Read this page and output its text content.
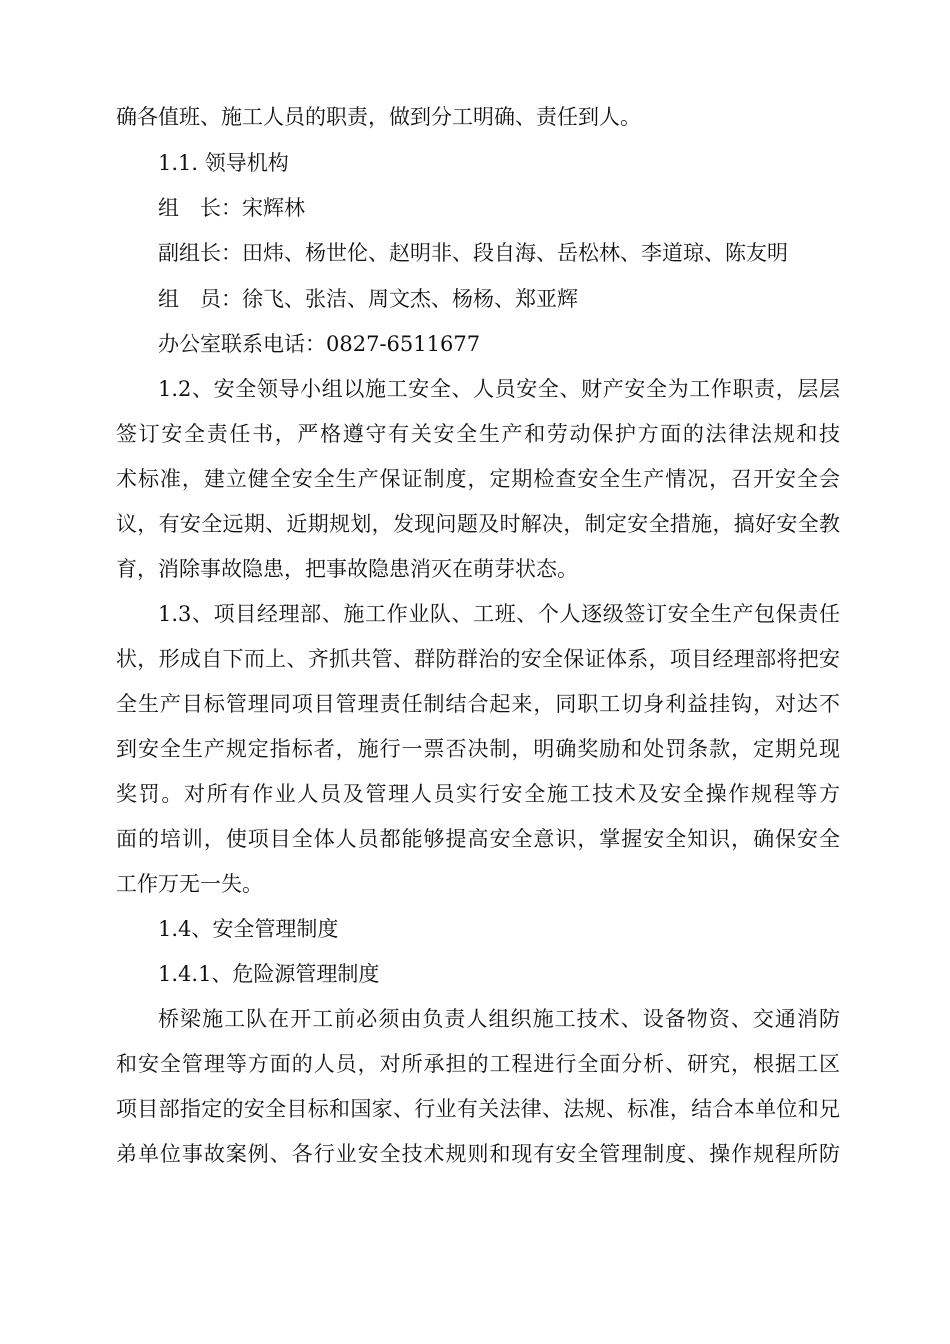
确各值班、施工人员的职责，做到分工明确、责任到人。
1.1. 领导机构
组　长：宋辉林
副组长：田炜、杨世伦、赵明非、段自海、岳松林、李道琼、陈友明
组　员：徐飞、张洁、周文杰、杨杨、郑亚辉
办公室联系电话：0827-6511677
1.2、安全领导小组以施工安全、人员安全、财产安全为工作职责，层层
签订安全责任书，严格遵守有关安全生产和劳动保护方面的法律法规和技
术标准，建立健全安全生产保证制度，定期检查安全生产情况，召开安全会
议，有安全远期、近期规划，发现问题及时解决，制定安全措施，搞好安全教
育，消除事故隐患，把事故隐患消灭在萌芽状态。
1.3、项目经理部、施工作业队、工班、个人逐级签订安全生产包保责任
状，形成自下而上、齐抓共管、群防群治的安全保证体系，项目经理部将把安
全生产目标管理同项目管理责任制结合起来，同职工切身利益挂钩，对达不
到安全生产规定指标者，施行一票否决制，明确奖励和处罚条款，定期兑现
奖罚。对所有作业人员及管理人员实行安全施工技术及安全操作规程等方
面的培训，使项目全体人员都能够提高安全意识，掌握安全知识，确保安全
工作万无一失。
1.4、安全管理制度
1.4.1、危险源管理制度
桥梁施工队在开工前必须由负责人组织施工技术、设备物资、交通消防
和安全管理等方面的人员，对所承担的工程进行全面分析、研究，根据工区
项目部指定的安全目标和国家、行业有关法律、法规、标准，结合本单位和兄
弟单位事故案例、各行业安全技术规则和现有安全管理制度、操作规程所防
